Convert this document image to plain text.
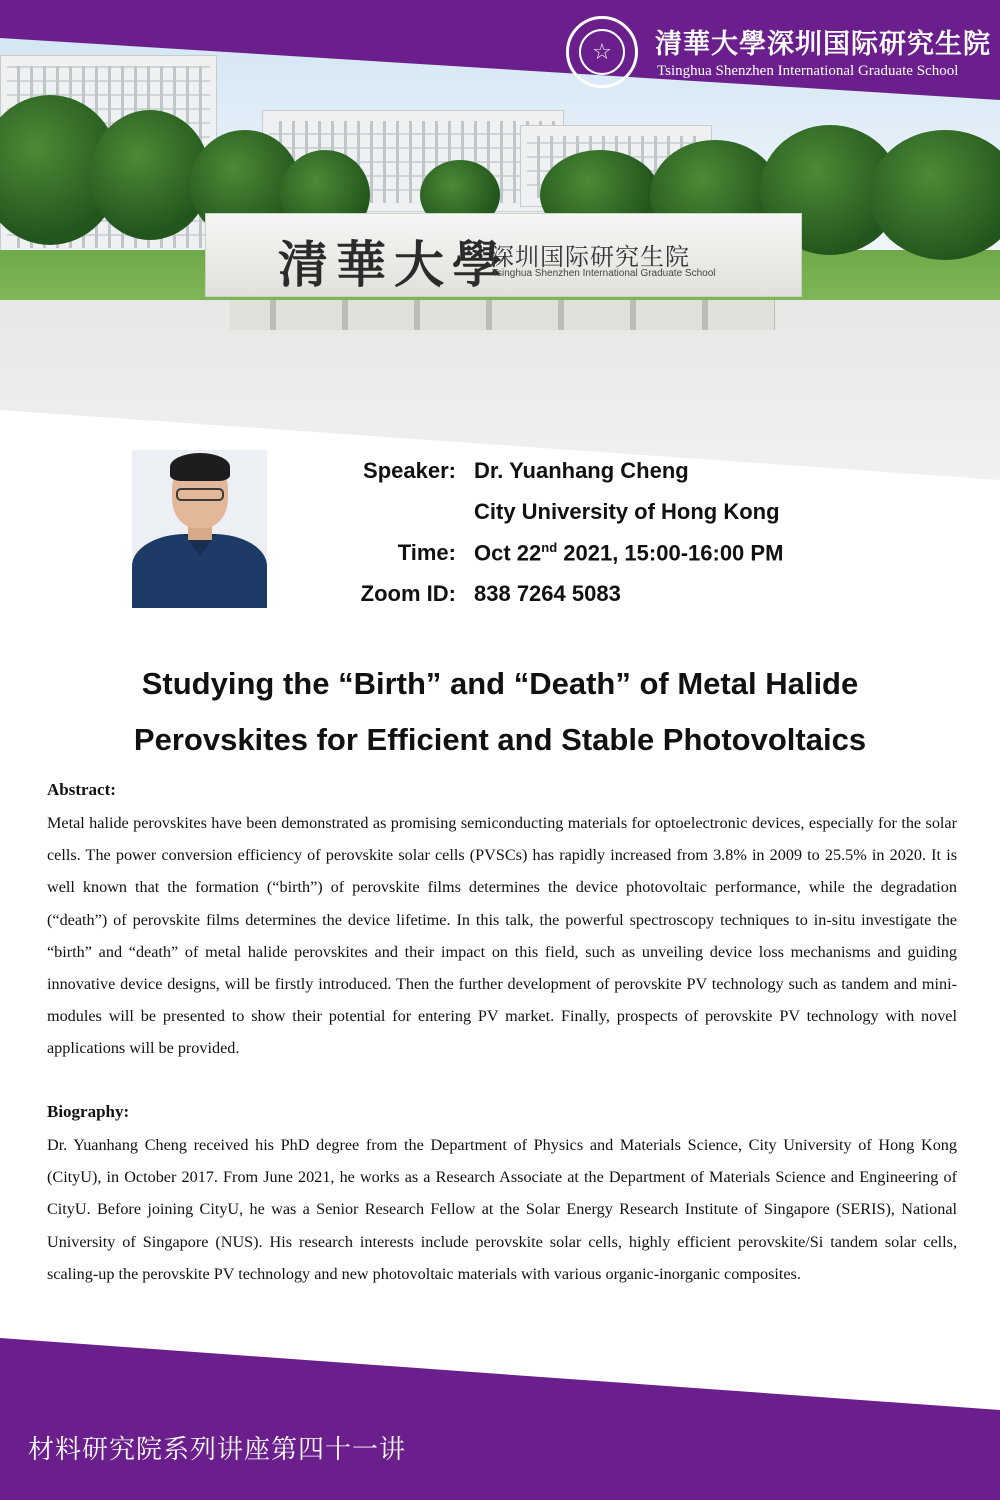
清華大學
深圳国际研究生院
Tsinghua Shenzhen International Graduate School
☆	清華大學深圳国际研究生院
Tsinghua Shenzhen International Graduate School
Speaker: Dr. Yuanhang Cheng
City University of Hong Kong
Time: Oct 22nd 2021, 15:00-16:00 PM
Zoom ID: 838 7264 5083
Studying the “Birth” and “Death” of Metal Halide
Perovskites for Efficient and Stable Photovoltaics
Abstract:
Metal halide perovskites have been demonstrated as promising semiconducting materials for optoelectronic devices, especially for the solar cells. The power conversion efficiency of perovskite solar cells (PVSCs) has rapidly increased from 3.8% in 2009 to 25.5% in 2020. It is well known that the formation (“birth”) of perovskite films determines the device photovoltaic performance, while the degradation (“death”) of perovskite films determines the device lifetime. In this talk, the powerful spectroscopy techniques to in-situ investigate the “birth” and “death” of metal halide perovskites and their impact on this field, such as unveiling device loss mechanisms and guiding innovative device designs, will be firstly introduced. Then the further development of perovskite PV technology such as tandem and mini-modules will be presented to show their potential for entering PV market. Finally, prospects of perovskite PV technology with novel applications will be provided.
Biography:
Dr. Yuanhang Cheng received his PhD degree from the Department of Physics and Materials Science, City University of Hong Kong (CityU), in October 2017. From June 2021, he works as a Research Associate at the Department of Materials Science and Engineering of CityU. Before joining CityU, he was a Senior Research Fellow at the Solar Energy Research Institute of Singapore (SERIS), National University of Singapore (NUS). His research interests include perovskite solar cells, highly efficient perovskite/Si tandem solar cells, scaling-up the perovskite PV technology and new photovoltaic materials with various organic-inorganic composites.
材料研究院系列讲座第四十一讲
